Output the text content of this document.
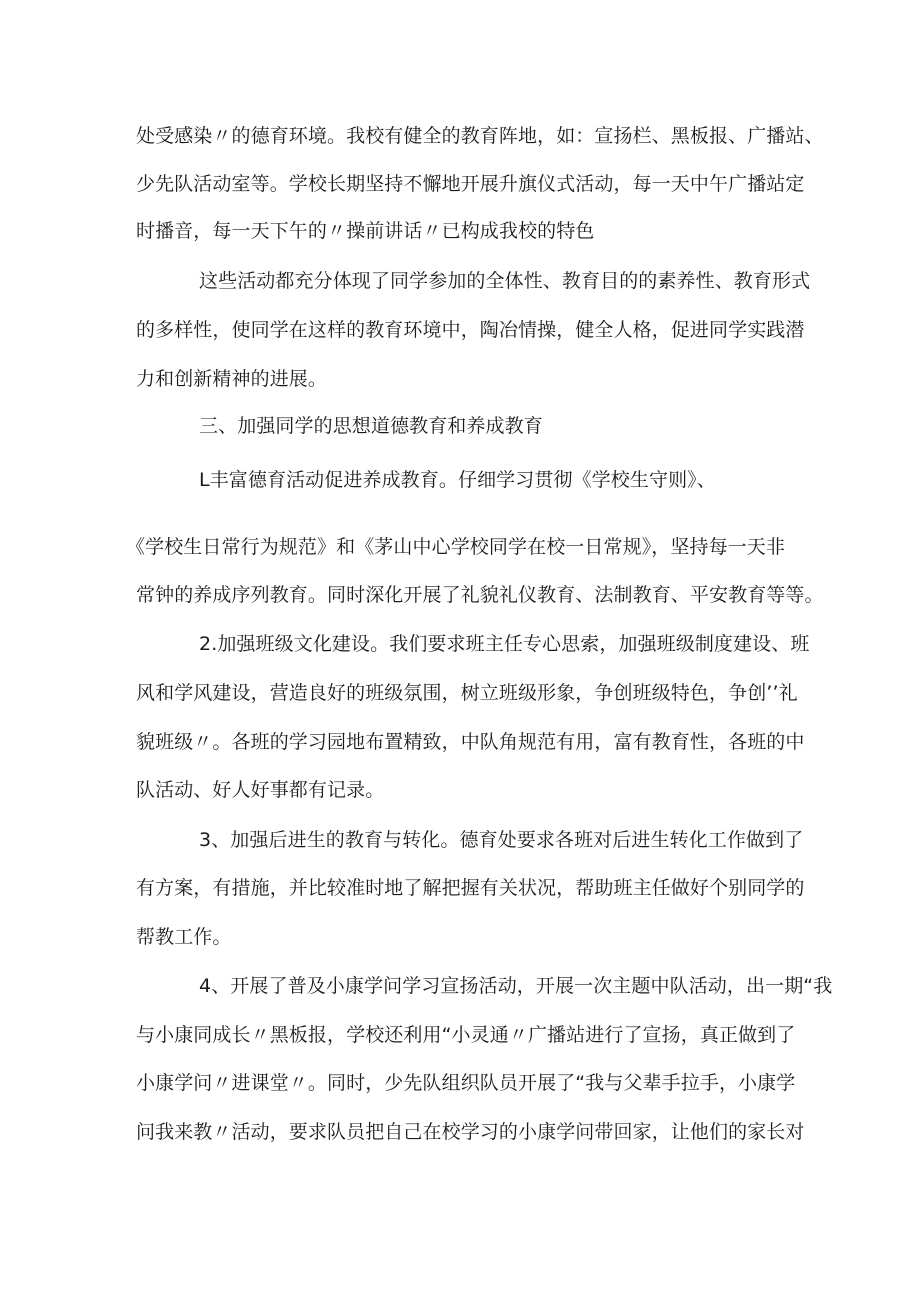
处受感染〃的德育环境。我校有健全的教育阵地，如：宣扬栏、黑板报、广播站、
少先队活动室等。学校长期坚持不懈地开展升旗仪式活动，每一天中午广播站定
时播音，每一天下午的〃操前讲话〃已构成我校的特色
这些活动都充分体现了同学参加的全体性、教育目的的素养性、教育形式
的多样性，使同学在这样的教育环境中，陶冶情操，健全人格，促进同学实践潜
力和创新精神的进展。
三、加强同学的思想道德教育和养成教育
L丰富德育活动促进养成教育。仔细学习贯彻《学校生守则》、
《学校生日常行为规范》和《茅山中心学校同学在校一日常规》，坚持每一天非
常钟的养成序列教育。同时深化开展了礼貌礼仪教育、法制教育、平安教育等等。
2.加强班级文化建设。我们要求班主任专心思索，加强班级制度建设、班
风和学风建设，营造良好的班级氛围，树立班级形象，争创班级特色，争创’’礼
貌班级〃。各班的学习园地布置精致，中队角规范有用，富有教育性，各班的中
队活动、好人好事都有记录。
3、加强后进生的教育与转化。德育处要求各班对后进生转化工作做到了
有方案，有措施，并比较准时地了解把握有关状况，帮助班主任做好个别同学的
帮教工作。
4、开展了普及小康学问学习宣扬活动，开展一次主题中队活动，出一期“我
与小康同成长〃黑板报，学校还利用“小灵通〃广播站进行了宣扬，真正做到了
小康学问〃进课堂〃。同时，少先队组织队员开展了“我与父辈手拉手，小康学
问我来教〃活动，要求队员把自己在校学习的小康学问带回家，让他们的家长对
